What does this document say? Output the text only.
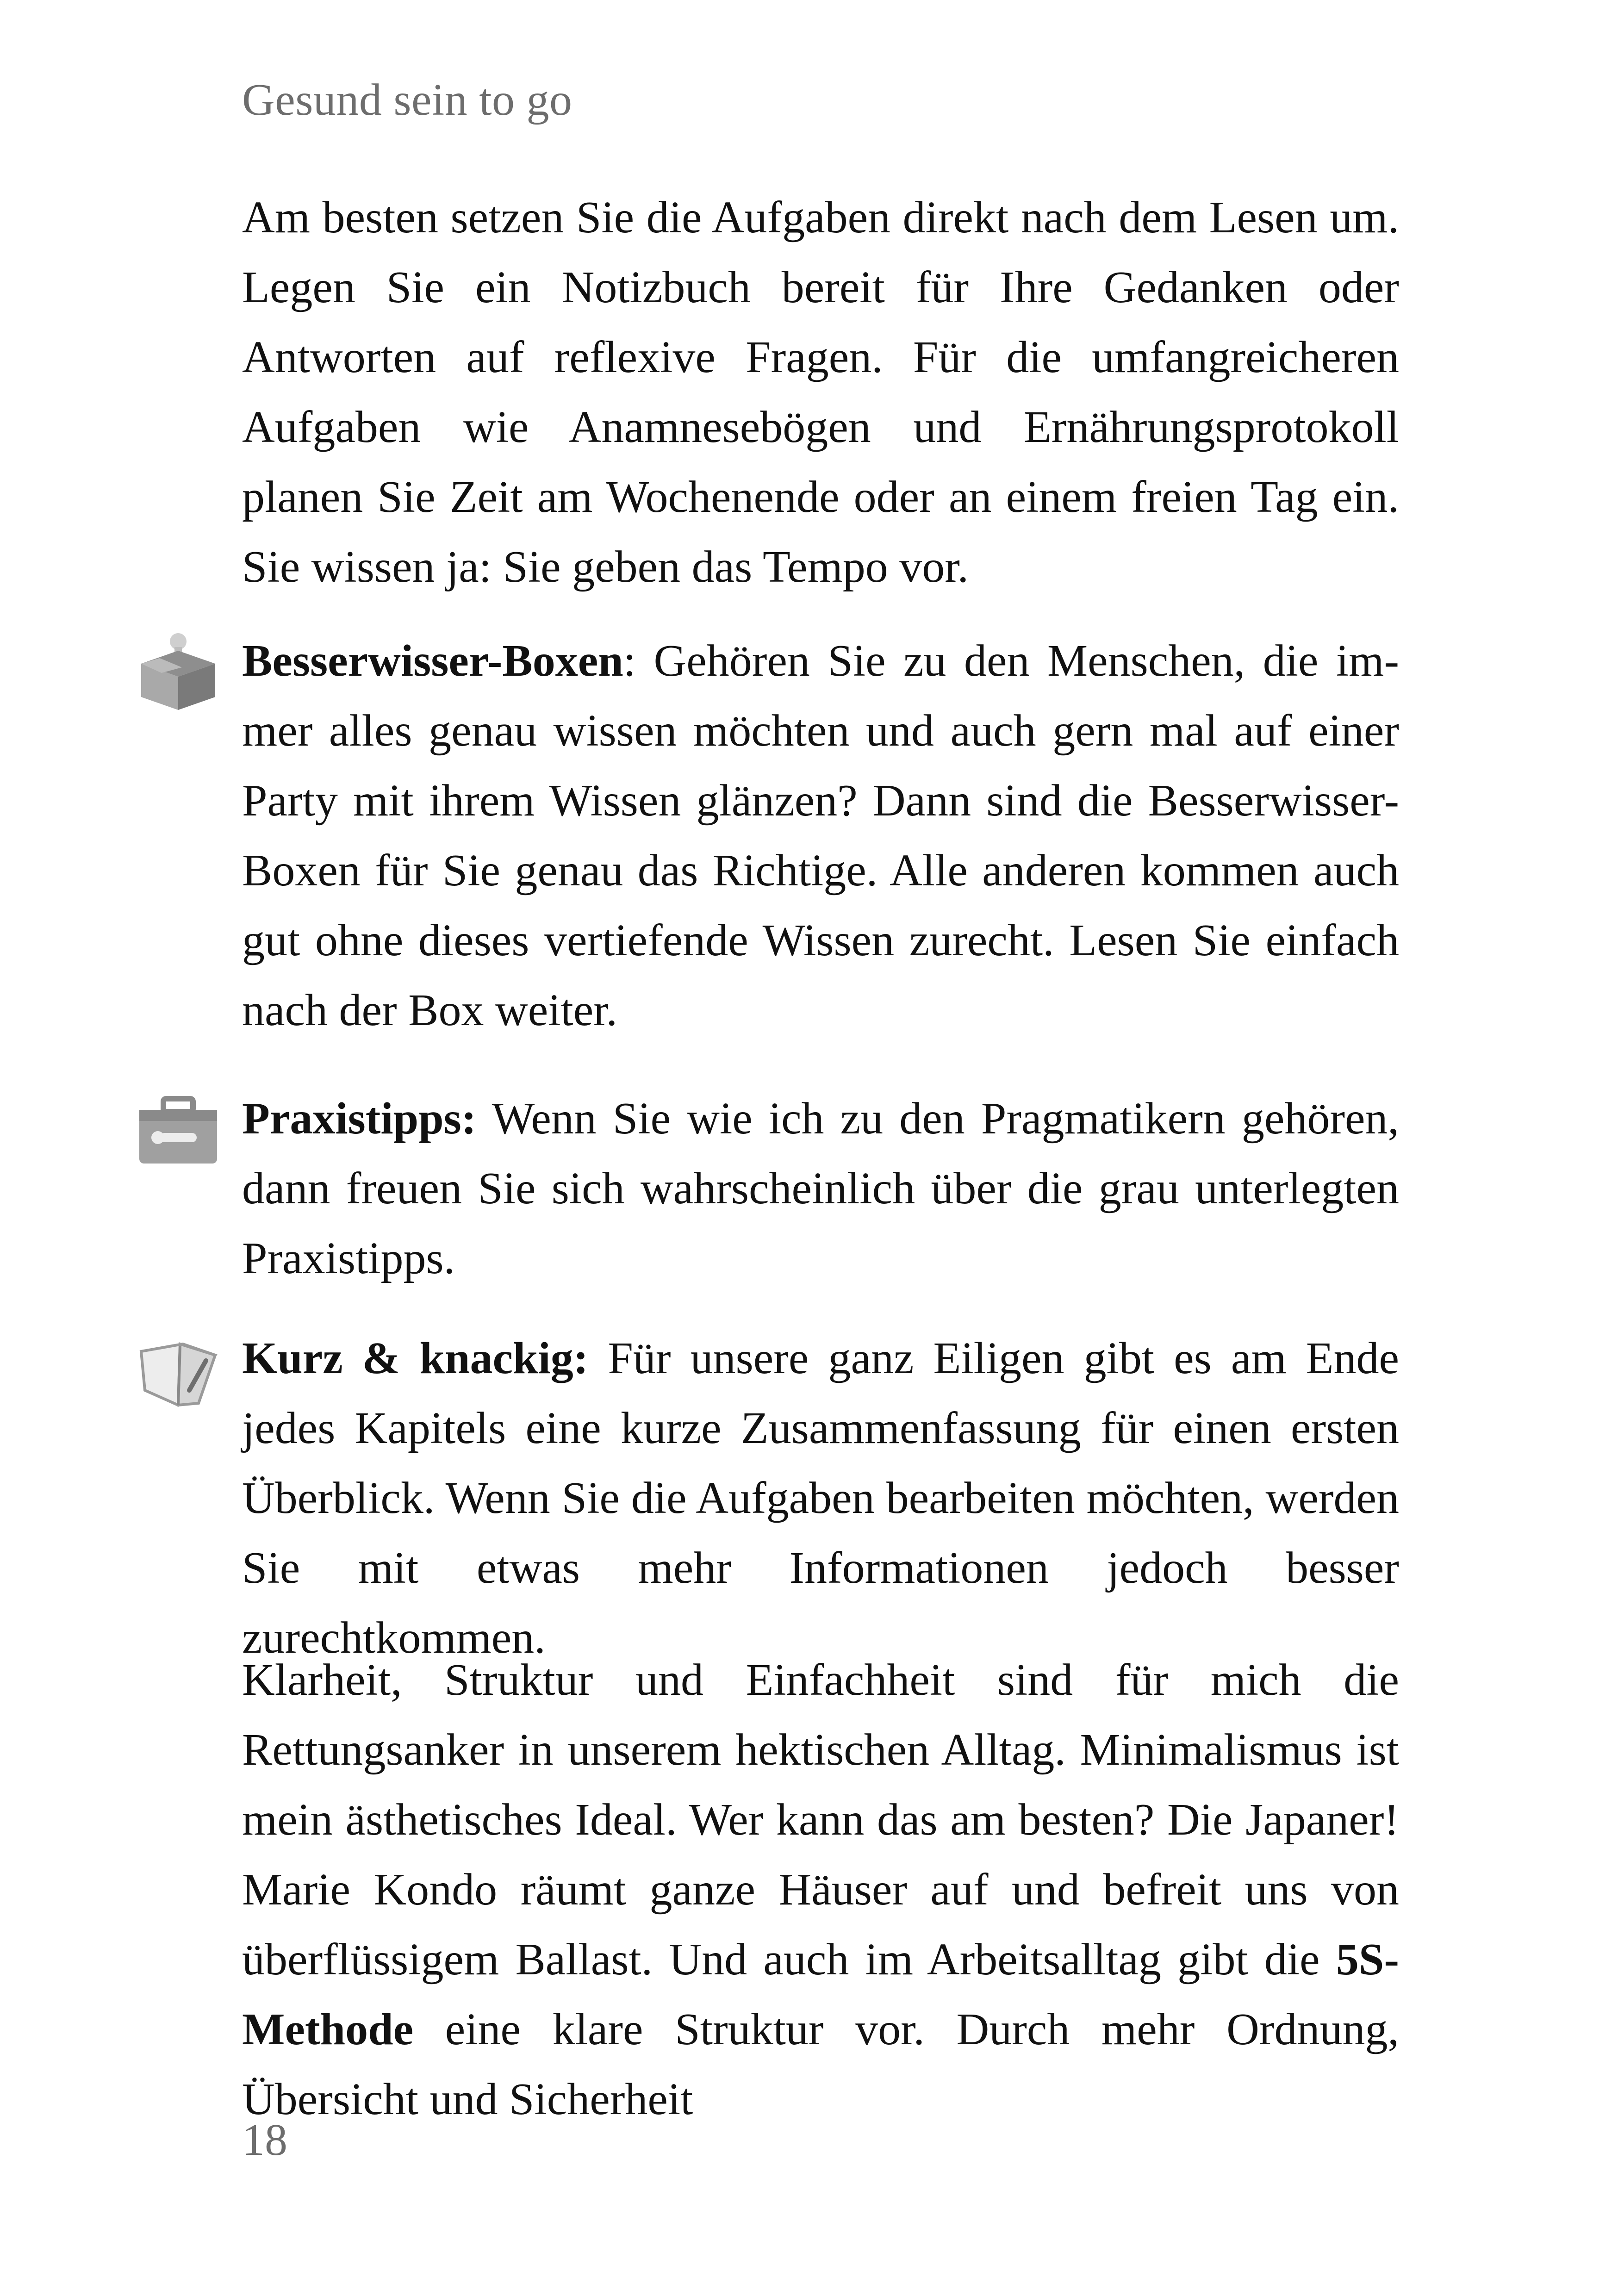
Gesund sein to go
Am besten setzen Sie die Aufgaben direkt nach dem Lesen um. Legen Sie ein Notizbuch bereit für Ihre Gedanken oder Antworten auf reflexive Fragen. Für die umfangreicheren Aufgaben wie Anamnesebögen und Ernährungsprotokoll planen Sie Zeit am Wochenende oder an einem freien Tag ein. Sie wissen ja: Sie geben das Tempo vor.
Besserwisser-Boxen: Gehören Sie zu den Menschen, die immer alles genau wissen möchten und auch gern mal auf einer Party mit ihrem Wissen glänzen? Dann sind die Besserwisser-Boxen für Sie genau das Richtige. Alle anderen kommen auch gut ohne dieses vertiefende Wissen zurecht. Lesen Sie einfach nach der Box weiter.
Praxistipps: Wenn Sie wie ich zu den Pragmatikern gehören, dann freuen Sie sich wahrscheinlich über die grau unterlegten Praxistipps.
Kurz & knackig: Für unsere ganz Eiligen gibt es am Ende jedes Kapitels eine kurze Zusammenfassung für einen ersten Überblick. Wenn Sie die Aufgaben bearbeiten möchten, werden Sie mit etwas mehr Informationen jedoch besser zurechtkommen.
Klarheit, Struktur und Einfachheit sind für mich die Rettungsanker in unserem hektischen Alltag. Minimalismus ist mein ästhetisches Ideal. Wer kann das am besten? Die Japaner! Marie Kondo räumt ganze Häuser auf und befreit uns von überflüssigem Ballast. Und auch im Arbeitsalltag gibt die 5S-Methode eine klare Struktur vor. Durch mehr Ordnung, Übersicht und Sicherheit
18
